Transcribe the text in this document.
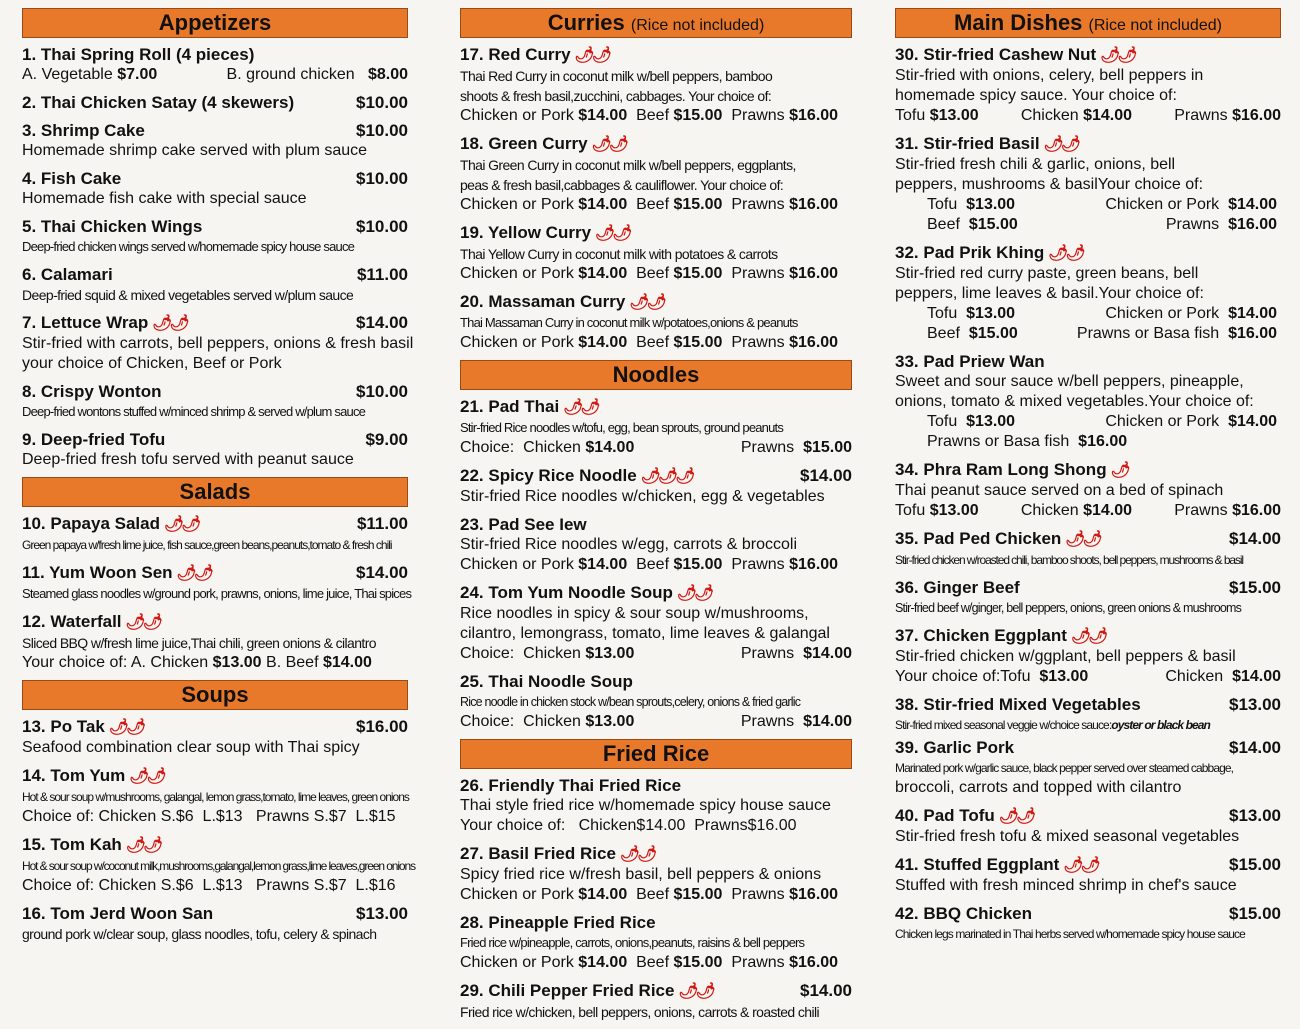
Appetizers
1. Thai Spring Roll (4 pieces)
A. Vegetable $7.00	B. ground chicken $8.00
2. Thai Chicken Satay (4 skewers)	$10.00
3. Shrimp Cake	$10.00
Homemade shrimp cake served with plum sauce
4. Fish Cake	$10.00
Homemade fish cake with special sauce
5. Thai Chicken Wings	$10.00
Deep-fried chicken wings served w/homemade spicy house sauce
6. Calamari	$11.00
Deep-fried squid & mixed vegetables served w/plum sauce
7. Lettuce Wrap 🌶🌶	$14.00
Stir-fried with carrots, bell peppers, onions & fresh basil
your choice of Chicken, Beef or Pork
8. Crispy Wonton	$10.00
Deep-fried wontons stuffed w/minced shrimp & served w/plum sauce
9. Deep-fried Tofu	$9.00
Deep-fried fresh tofu served with peanut sauce
Salads
10. Papaya Salad 🌶🌶	$11.00
Green papaya w/fresh lime juice, fish sauce,green beans,peanuts,tomato & fresh chili
11. Yum Woon Sen 🌶🌶	$14.00
Steamed glass noodles w/ground pork, prawns, onions, lime juice, Thai spices
12. Waterfall 🌶🌶
Sliced BBQ w/fresh lime juice,Thai chili, green onions & cilantro
Your choice of: A. Chicken $13.00 B. Beef $14.00
Soups
13. Po Tak 🌶🌶	$16.00
Seafood combination clear soup with Thai spicy
14. Tom Yum 🌶🌶
Hot & sour soup w/mushrooms, galangal, lemon grass,tomato, lime leaves, green onions
Choice of: Chicken S.$6  L.$13   Prawns S.$7  L.$15
15. Tom Kah 🌶🌶
Hot & sour soup w/coconut milk,mushrooms,galangal,lemon grass,lime leaves,green onions
Choice of: Chicken S.$6  L.$13   Prawns S.$7  L.$16
16. Tom Jerd Woon San	$13.00
ground pork w/clear soup, glass noodles, tofu, celery & spinach
Curries (Rice not included)
17. Red Curry 🌶🌶
Thai Red Curry in coconut milk w/bell peppers, bamboo
shoots & fresh basil,zucchini, cabbages. Your choice of:
Chicken or Pork $14.00 Beef $15.00 Prawns $16.00
18. Green Curry 🌶🌶
Thai Green Curry in coconut milk w/bell peppers, eggplants,
peas & fresh basil,cabbages & cauliflower. Your choice of:
Chicken or Pork $14.00 Beef $15.00 Prawns $16.00
19. Yellow Curry 🌶🌶
Thai Yellow Curry in coconut milk with potatoes & carrots
Chicken or Pork $14.00 Beef $15.00 Prawns $16.00
20. Massaman Curry 🌶🌶
Thai Massaman Curry in coconut milk w/potatoes,onions & peanuts
Chicken or Pork $14.00 Beef $15.00 Prawns $16.00
Noodles
21. Pad Thai 🌶🌶
Stir-fried Rice noodles w/tofu, egg, bean sprouts, ground peanuts
Choice: Chicken $14.00	Prawns $15.00
22. Spicy Rice Noodle 🌶🌶🌶	$14.00
Stir-fried Rice noodles w/chicken, egg & vegetables
23. Pad See Iew
Stir-fried Rice noodles w/egg, carrots & broccoli
Chicken or Pork $14.00 Beef $15.00 Prawns $16.00
24. Tom Yum Noodle Soup 🌶🌶
Rice noodles in spicy & sour soup w/mushrooms,
cilantro, lemongrass, tomato, lime leaves & galangal
Choice: Chicken $13.00	Prawns $14.00
25. Thai Noodle Soup
Rice noodle in chicken stock w/bean sprouts,celery, onions & fried garlic
Choice: Chicken $13.00	Prawns $14.00
Fried Rice
26. Friendly Thai Fried Rice
Thai style fried rice w/homemade spicy house sauce
Your choice of: Chicken$14.00 Prawns$16.00
27. Basil Fried Rice 🌶🌶
Spicy fried rice w/fresh basil, bell peppers & onions
Chicken or Pork $14.00 Beef $15.00 Prawns $16.00
28. Pineapple Fried Rice
Fried rice w/pineapple, carrots, onions,peanuts, raisins & bell peppers
Chicken or Pork $14.00 Beef $15.00 Prawns $16.00
29. Chili Pepper Fried Rice 🌶🌶	$14.00
Fried rice w/chicken, bell peppers, onions, carrots & roasted chili
Main Dishes (Rice not included)
30. Stir-fried Cashew Nut 🌶🌶
Stir-fried with onions, celery, bell peppers in
homemade spicy sauce. Your choice of:
Tofu $13.00	Chicken $14.00	Prawns $16.00
31. Stir-fried Basil 🌶🌶
Stir-fried fresh chili & garlic, onions, bell
peppers, mushrooms & basilYour choice of:
Tofu $13.00	Chicken or Pork $14.00
Beef $15.00	Prawns $16.00
32. Pad Prik Khing 🌶🌶
Stir-fried red curry paste, green beans, bell
peppers, lime leaves & basil.Your choice of:
Tofu $13.00	Chicken or Pork $14.00
Beef $15.00	Prawns or Basa fish $16.00
33. Pad Priew Wan
Sweet and sour sauce w/bell peppers, pineapple,
onions, tomato & mixed vegetables.Your choice of:
Tofu $13.00	Chicken or Pork $14.00
Prawns or Basa fish $16.00
34. Phra Ram Long Shong 🌶
Thai peanut sauce served on a bed of spinach
Tofu $13.00	Chicken $14.00	Prawns $16.00
35. Pad Ped Chicken 🌶🌶	$14.00
Stir-fried chicken w/roasted chili, bamboo shoots, bell peppers, mushrooms & basil
36. Ginger Beef	$15.00
Stir-fried beef w/ginger, bell peppers, onions, green onions & mushrooms
37. Chicken Eggplant 🌶🌶
Stir-fried chicken w/ggplant, bell peppers & basil
Your choice of:Tofu $13.00	Chicken $14.00
38. Stir-fried Mixed Vegetables	$13.00
Stir-fried mixed seasonal veggie w/choice sauce:oyster or black bean
39. Garlic Pork	$14.00
Marinated pork w/garlic sauce, black pepper served over steamed cabbage,
broccoli, carrots and topped with cilantro
40. Pad Tofu 🌶🌶	$13.00
Stir-fried fresh tofu & mixed seasonal vegetables
41. Stuffed Eggplant 🌶🌶	$15.00
Stuffed with fresh minced shrimp in chef's sauce
42. BBQ Chicken	$15.00
Chicken legs marinated in Thai herbs served w/homemade spicy house sauce
